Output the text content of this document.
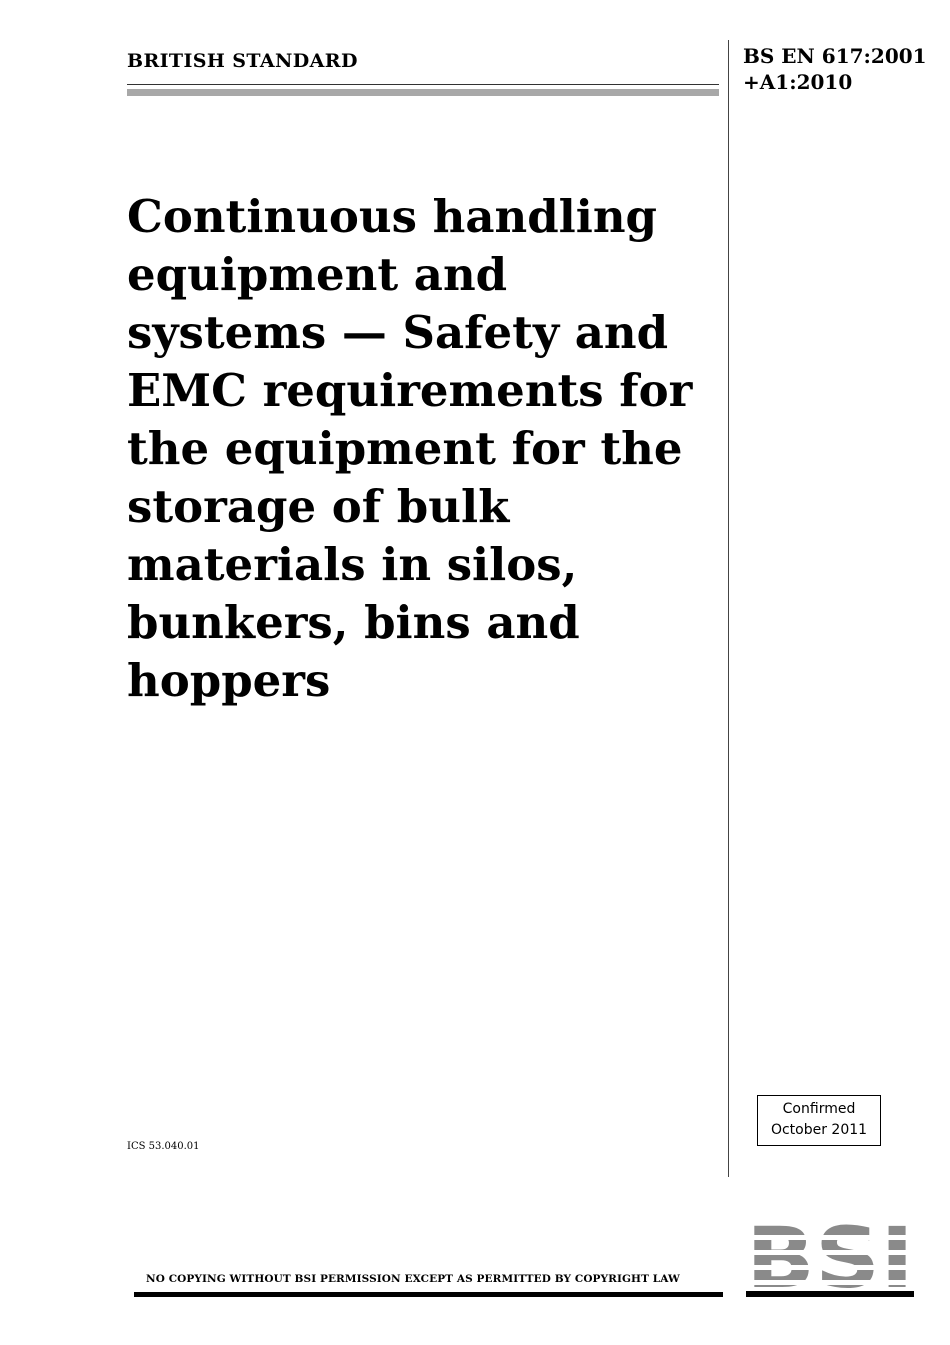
BRITISH STANDARD	BS EN 617:2001
+A1:2010
Continuous handling
equipment and
systems — Safety and
EMC requirements for
the equipment for the
storage of bulk
materials in silos,
bunkers, bins and
hoppers
Confirmed
October 2011
ICS 53.040.01
NO COPYING WITHOUT BSI PERMISSION EXCEPT AS PERMITTED BY COPYRIGHT LAW
